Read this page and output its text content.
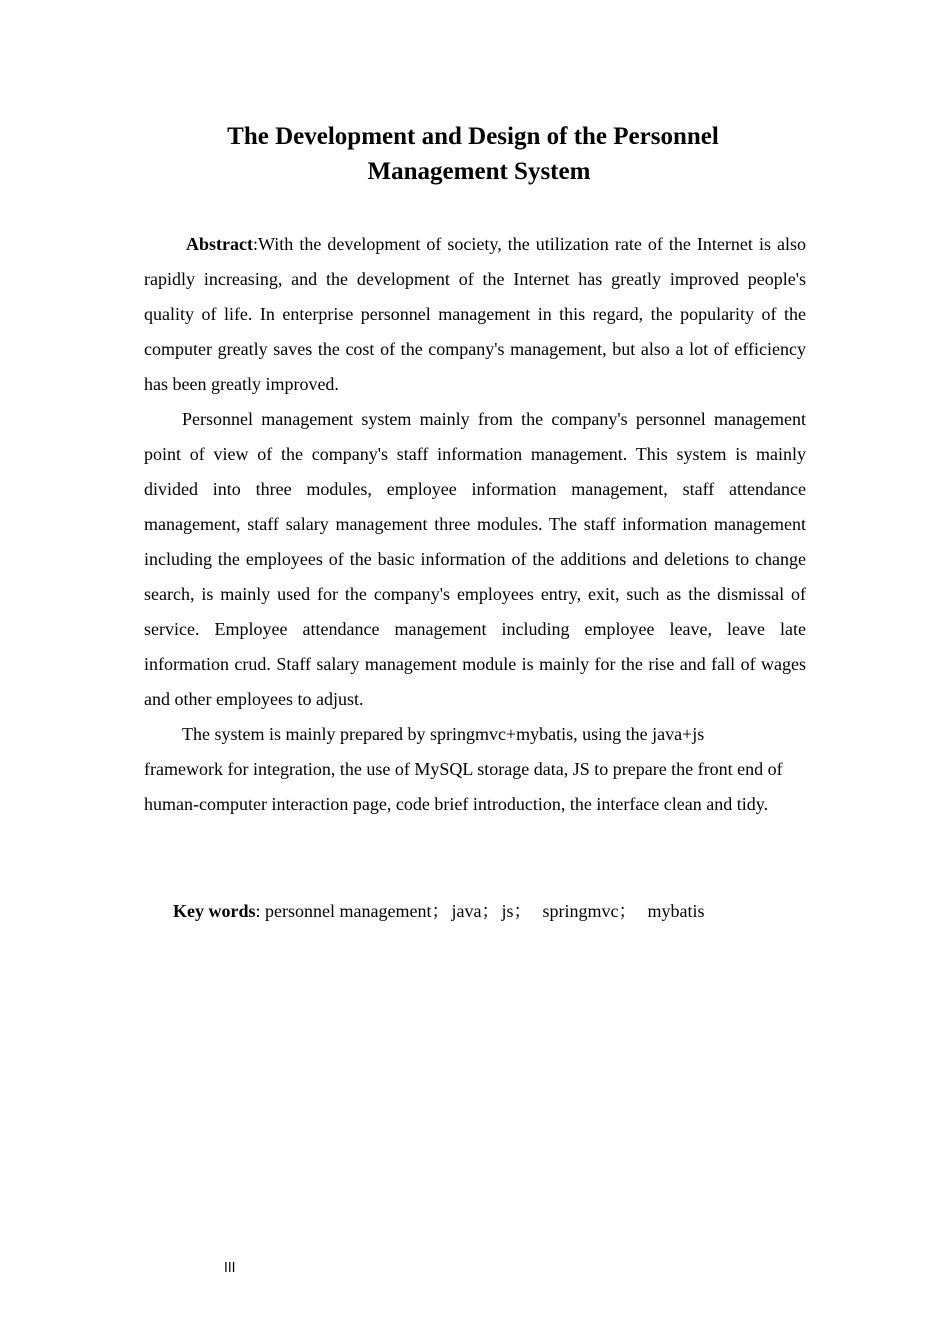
The Development and Design of the Personnel
Management System

Abstract:With the development of society, the utilization rate of the Internet is also rapidly increasing, and the development of the Internet has greatly improved people's quality of life. In enterprise personnel management in this regard, the popularity of the computer greatly saves the cost of the company's management, but also a lot of efficiency has been greatly improved.

Personnel management system mainly from the company's personnel management point of view of the company's staff information management. This system is mainly divided into three modules, employee information management, staff attendance management, staff salary management three modules. The staff information management including the employees of the basic information of the additions and deletions to change search, is mainly used for the company's employees entry, exit, such as the dismissal of service. Employee attendance management including employee leave, leave late information crud. Staff salary management module is mainly for the rise and fall of wages and other employees to adjust.

The system is mainly prepared by springmvc+mybatis, using the java+js framework for integration, the use of MySQL storage data, JS to prepare the front end of human-computer interaction page, code brief introduction, the interface clean and tidy.

Key words: personnel management； java； js； springmvc； mybatis
III
